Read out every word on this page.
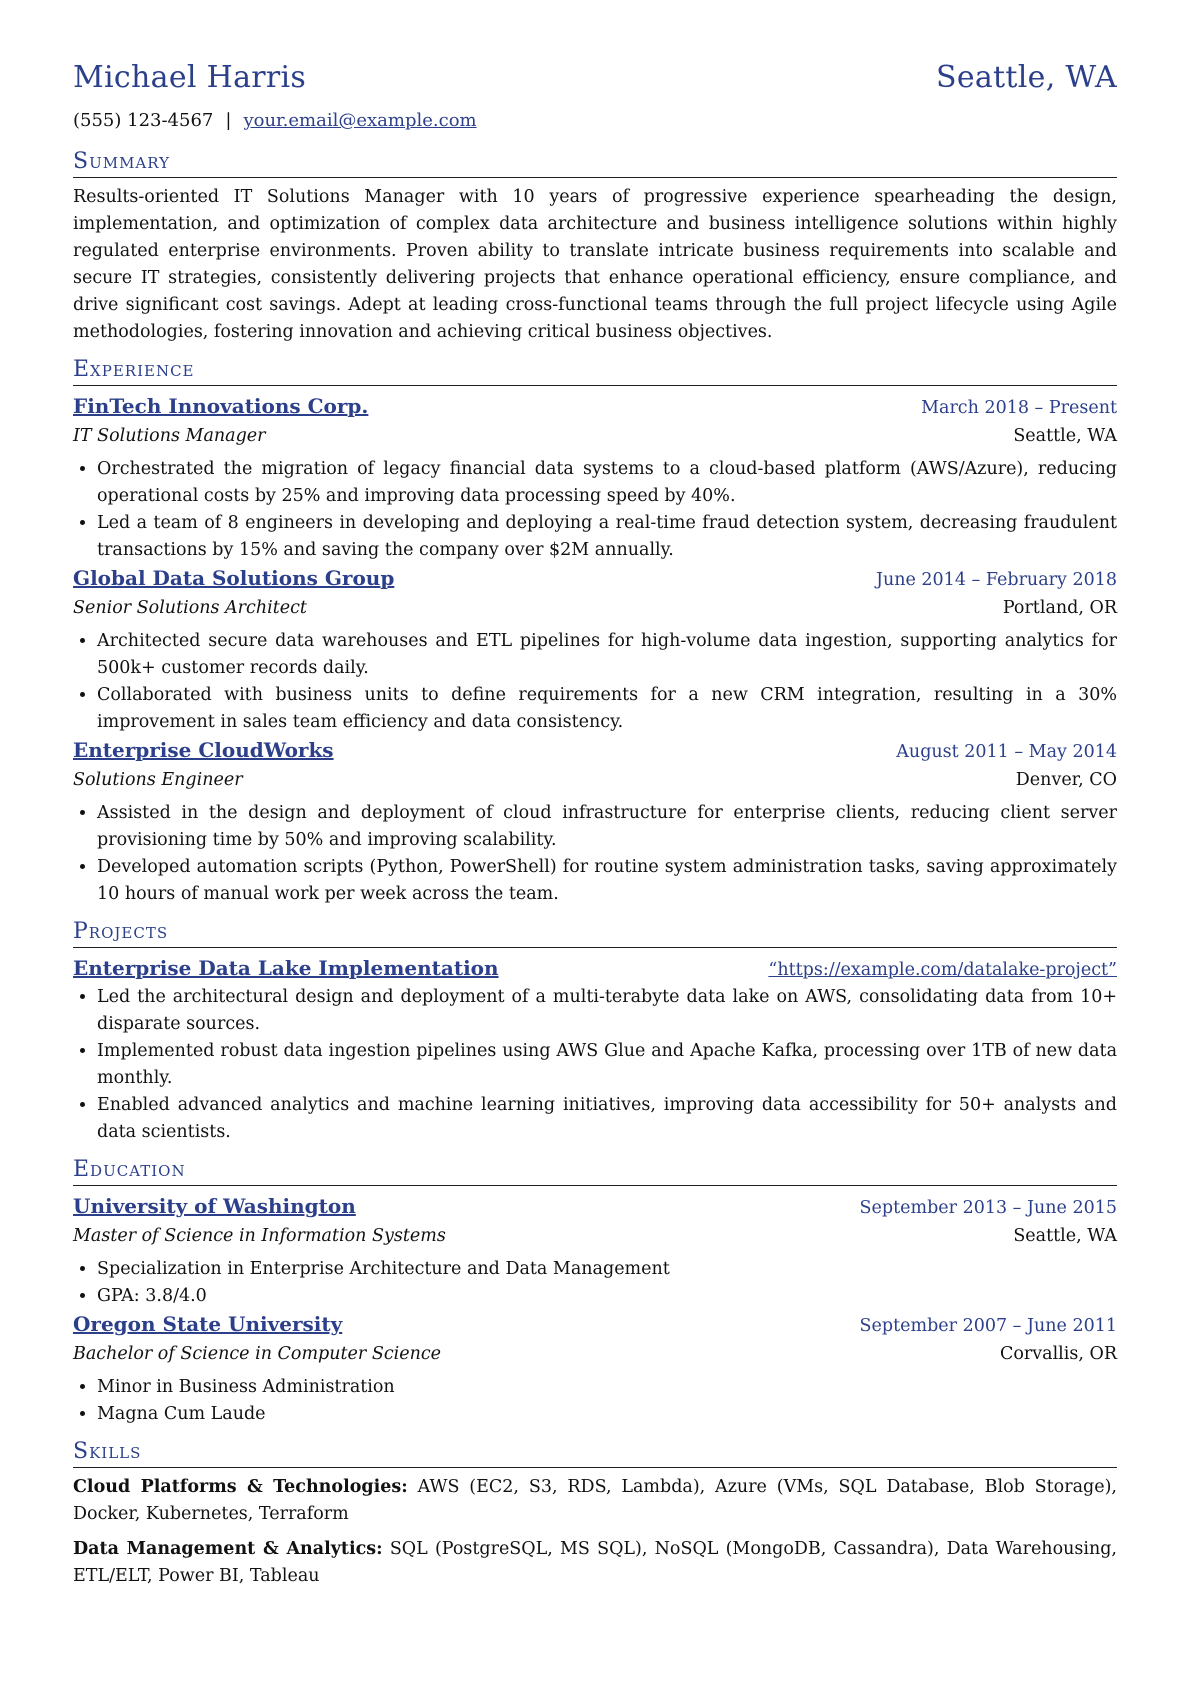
Michael Harris	Seattle, WA
(555) 123-4567 | your.email@example.com
Summary
Results-oriented IT Solutions Manager with 10 years of progressive experience spearheading the design, implementation, and optimization of complex data architecture and business intelligence solutions within highly regulated enterprise environments. Proven ability to translate intricate business requirements into scalable and secure IT strategies, consistently delivering projects that enhance operational efficiency, ensure compliance, and drive significant cost savings. Adept at leading cross-functional teams through the full project lifecycle using Agile methodologies, fostering innovation and achieving critical business objectives.
Experience
FinTech Innovations Corp.	March 2018 – Present
IT Solutions Manager	Seattle, WA
• Orchestrated the migration of legacy financial data systems to a cloud-based platform (AWS/Azure), reducing operational costs by 25% and improving data processing speed by 40%.
• Led a team of 8 engineers in developing and deploying a real-time fraud detection system, decreasing fraudulent transactions by 15% and saving the company over $2M annually.
Global Data Solutions Group	June 2014 – February 2018
Senior Solutions Architect	Portland, OR
• Architected secure data warehouses and ETL pipelines for high-volume data ingestion, supporting analytics for 500k+ customer records daily.
• Collaborated with business units to define requirements for a new CRM integration, resulting in a 30% improvement in sales team efficiency and data consistency.
Enterprise CloudWorks	August 2011 – May 2014
Solutions Engineer	Denver, CO
• Assisted in the design and deployment of cloud infrastructure for enterprise clients, reducing client server provisioning time by 50% and improving scalability.
• Developed automation scripts (Python, PowerShell) for routine system administration tasks, saving approximately 10 hours of manual work per week across the team.
Projects
Enterprise Data Lake Implementation	“https://example.com/datalake-project”
• Led the architectural design and deployment of a multi-terabyte data lake on AWS, consolidating data from 10+ disparate sources.
• Implemented robust data ingestion pipelines using AWS Glue and Apache Kafka, processing over 1TB of new data monthly.
• Enabled advanced analytics and machine learning initiatives, improving data accessibility for 50+ analysts and data scientists.
Education
University of Washington	September 2013 – June 2015
Master of Science in Information Systems	Seattle, WA
• Specialization in Enterprise Architecture and Data Management
• GPA: 3.8/4.0
Oregon State University	September 2007 – June 2011
Bachelor of Science in Computer Science	Corvallis, OR
• Minor in Business Administration
• Magna Cum Laude
Skills
Cloud Platforms & Technologies: AWS (EC2, S3, RDS, Lambda), Azure (VMs, SQL Database, Blob Storage), Docker, Kubernetes, Terraform
Data Management & Analytics: SQL (PostgreSQL, MS SQL), NoSQL (MongoDB, Cassandra), Data Warehousing, ETL/ELT, Power BI, Tableau
